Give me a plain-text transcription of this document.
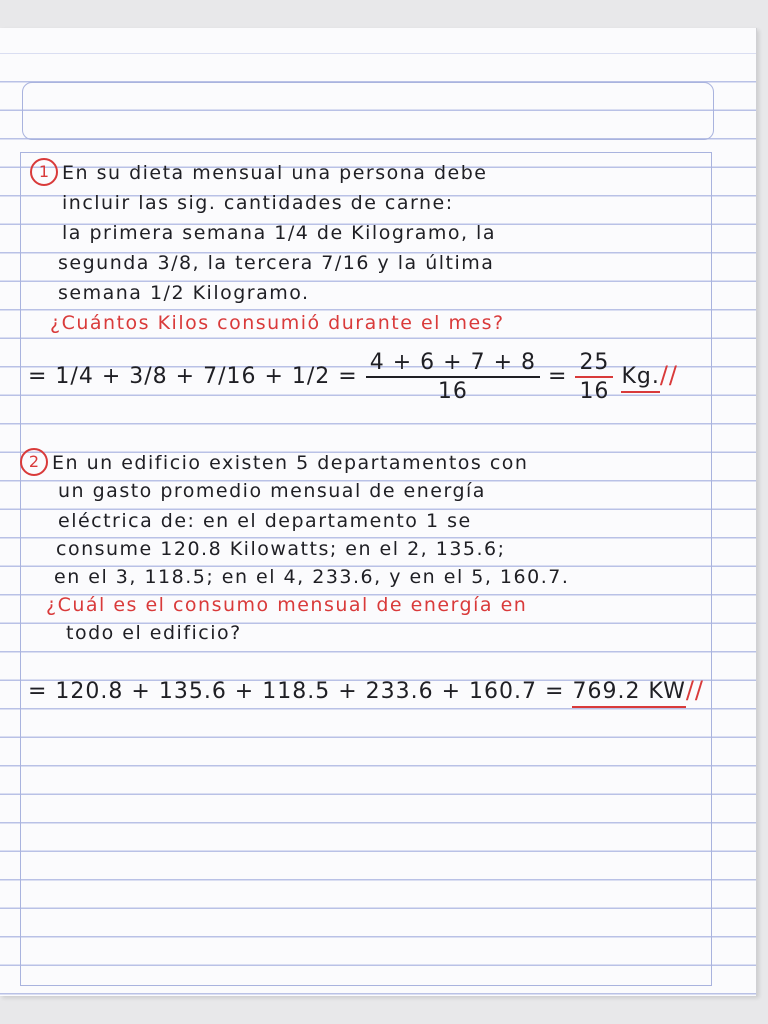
1 En su dieta mensual una persona debe
incluir las sig. cantidades de carne:
la primera semana 1/4 de Kilogramo, la
segunda 3/8, la tercera 7/16 y la última
semana 1/2 Kilogramo.
¿Cuántos Kilos consumió durante el mes?
= $1/4 + 3/8 + 7/16 + 1/2 = \frac{4 + 6 + 7 + 8}{16} = \frac{25}{16} Kg.//$
2 En un edificio existen 5 departamentos con
un gasto promedio mensual de energía
eléctrica de: en el departamento 1 se
consume 120.8 Kilowatts; en el 2, 135.6;
en el 3, 118.5; en el 4, 233.6, y en el 5, 160.7.
¿Cuál es el consumo mensual de energía en
todo el edificio?
= 120.8 + 135.6 + 118.5 + 233.6 + 160.7 = 769.2 KW//
